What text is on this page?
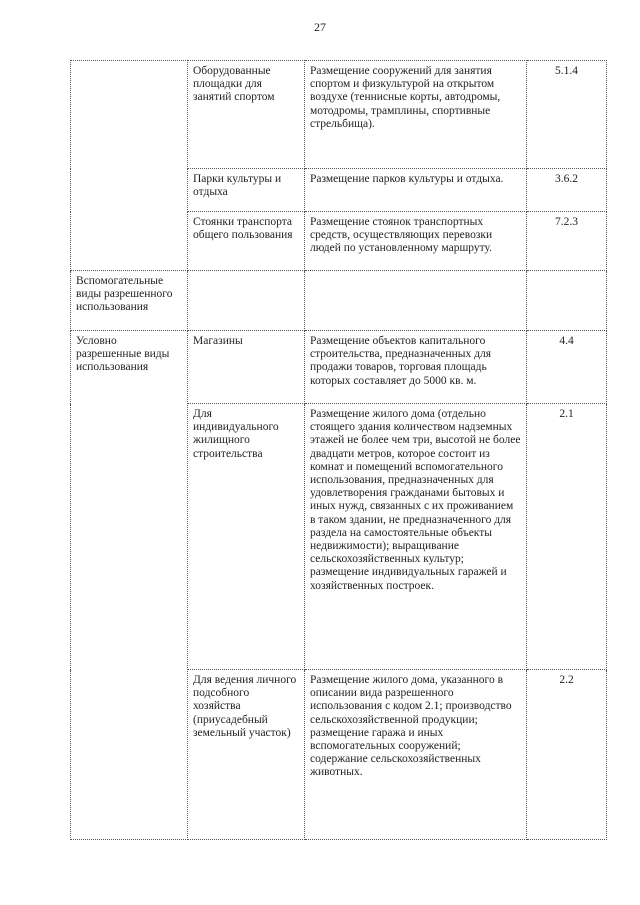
27
	Оборудованные площадки для занятий спортом	Размещение сооружений для занятия спортом и физкультурой на открытом воздухе (теннисные корты, автодромы, мотодромы, трамплины, спортивные стрельбища).	5.1.4
	Парки культуры и отдыха	Размещение парков культуры и отдыха.	3.6.2
	Стоянки транспорта общего пользования	Размещение стоянок транспортных средств, осуществляющих перевозки людей по установленному маршруту.	7.2.3
Вспомогательные виды разрешенного использования			
Условно разрешенные виды использования	Магазины	Размещение объектов капитального строительства, предназначенных для продажи товаров, торговая площадь которых составляет до 5000 кв. м.	4.4
	Для индивидуального жилищного строительства	Размещение жилого дома (отдельно стоящего здания количеством надземных этажей не более чем три, высотой не более двадцати метров, которое состоит из комнат и помещений вспомогательного использования, предназначенных для удовлетворения гражданами бытовых и иных нужд, связанных с их проживанием в таком здании, не предназначенного для раздела на самостоятельные объекты недвижимости); выращивание сельскохозяйственных культур; размещение индивидуальных гаражей и хозяйственных построек.	2.1
	Для ведения личного подсобного хозяйства (приусадебный земельный участок)	Размещение жилого дома, указанного в описании вида разрешенного использования с кодом 2.1; производство сельскохозяйственной продукции; размещение гаража и иных вспомогательных сооружений; содержание сельскохозяйственных животных.	2.2
